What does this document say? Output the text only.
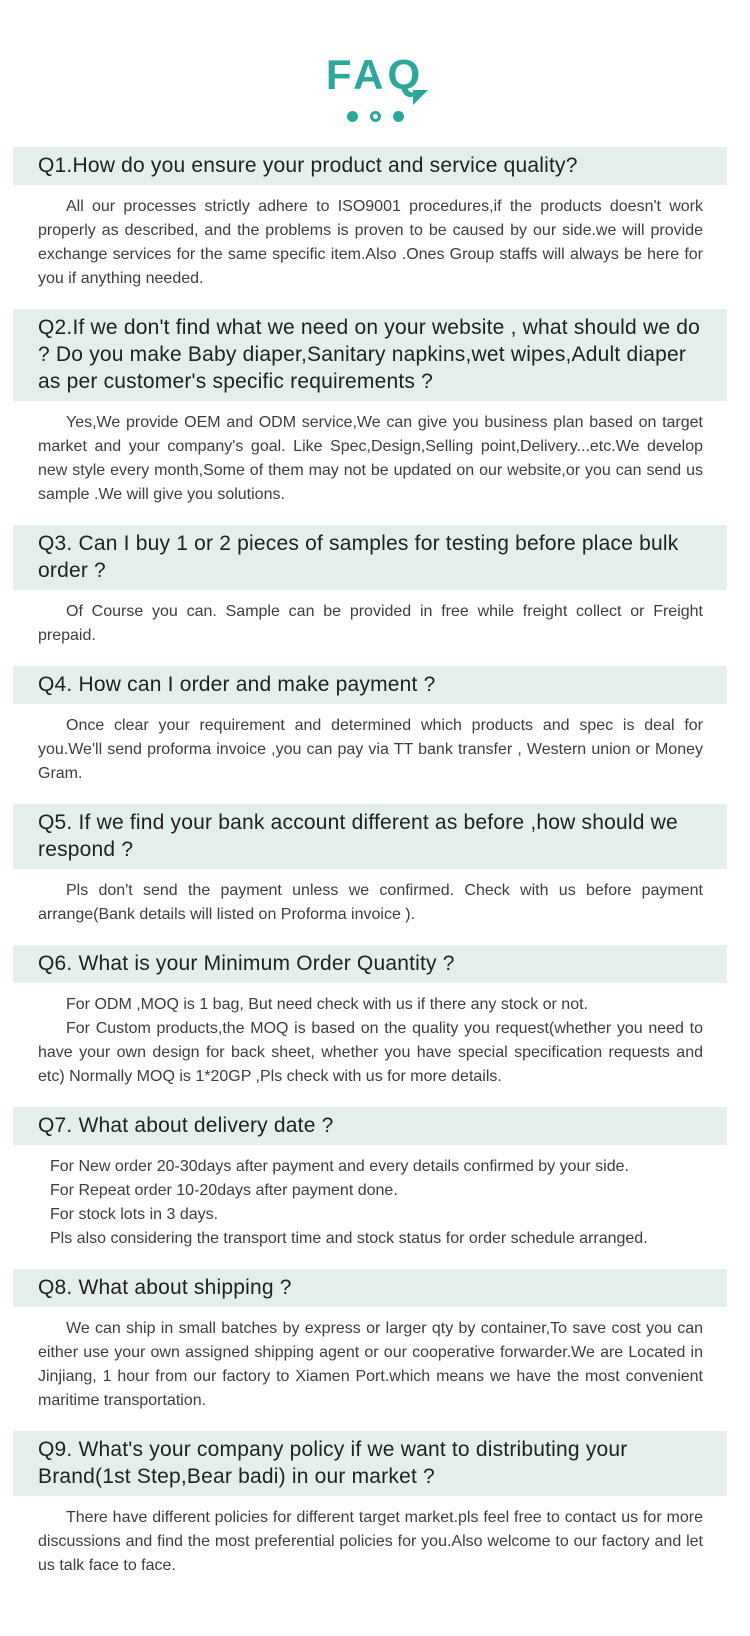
FAQ
Q1.How do you ensure your product and service quality?

All our processes strictly adhere to ISO9001 procedures,if the products doesn't work properly as described, and the problems is proven to be caused by our side.we will provide exchange services for the same specific item.Also .Ones Group staffs will always be here for you if anything needed.

Q2.If we don't find what we need on your website , what should we do ? Do you make Baby diaper,Sanitary napkins,wet wipes,Adult diaper as per customer's specific requirements ?

Yes,We provide OEM and ODM service,We can give you business plan based on target market and your company's goal. Like Spec,Design,Selling point,Delivery...etc.We develop new style every month,Some of them may not be updated on our website,or you can send us sample .We will give you solutions.

Q3. Can I buy 1 or 2 pieces of samples for testing before place bulk order ?

Of Course you can. Sample can be provided in free while freight collect or Freight prepaid.

Q4. How can I order and make payment ?

Once clear your requirement and determined which products and spec is deal for you.We'll send proforma invoice ,you can pay via TT bank transfer , Western union or Money Gram.

Q5. If we find your bank account different as before ,how should we respond ?

Pls don't send the payment unless we confirmed. Check with us before payment arrange(Bank details will listed on Proforma invoice ).

Q6. What is your Minimum Order Quantity ?

For ODM ,MOQ is 1 bag, But need check with us if there any stock or not.

For Custom products,the MOQ is based on the quality you request(whether you need to have your own design for back sheet, whether you have special specification requests and etc) Normally MOQ is 1*20GP ,Pls check with us for more details.

Q7. What about delivery date ?

For New order 20-30days after payment and every details confirmed by your side.

For Repeat order 10-20days after payment done.

For stock lots in 3 days.

Pls also considering the transport time and stock status for order schedule arranged.

Q8. What about shipping ?

We can ship in small batches by express or larger qty by container,To save cost you can either use your own assigned shipping agent or our cooperative forwarder.We are Located in Jinjiang, 1 hour from our factory to Xiamen Port.which means we have the most convenient maritime transportation.

Q9. What's your company policy if we want to distributing your Brand(1st Step,Bear badi) in our market ?

There have different policies for different target market.pls feel free to contact us for more discussions and find the most preferential policies for you.Also welcome to our factory and let us talk face to face.
